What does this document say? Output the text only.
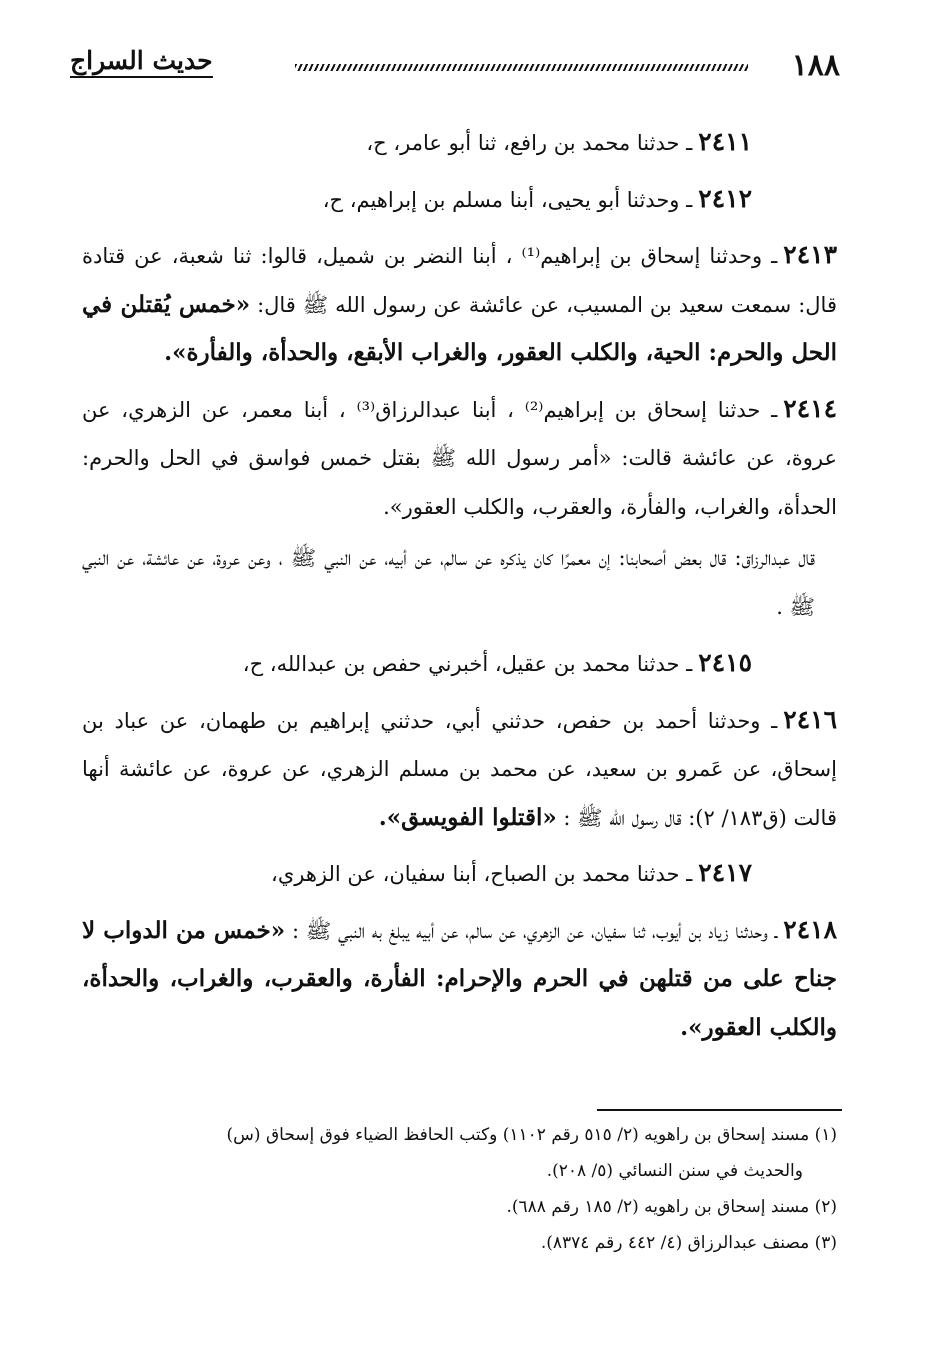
١٨٨
حديث السراج

٢٤١١ـ حدثنا محمد بن رافع، ثنا أبو عامر، ح،

٢٤١٢ـ وحدثنا أبو يحيى، أبنا مسلم بن إبراهيم، ح،

٢٤١٣ـ وحدثنا إسحاق بن إبراهيم⁽¹⁾ ، أبنا النضر بن شميل، قالوا: ثنا شعبة، عن قتادة قال: سمعت سعيد بن المسيب، عن عائشة عن رسول الله ﷺ قال: «خمس يُقتلن في الحل والحرم: الحية، والكلب العقور، والغراب الأبقع، والحدأة، والفأرة».

٢٤١٤ـ حدثنا إسحاق بن إبراهيم⁽²⁾ ، أبنا عبدالرزاق⁽³⁾ ، أبنا معمر، عن الزهري، عن عروة، عن عائشة قالت: «أمر رسول الله ﷺ بقتل خمس فواسق في الحل والحرم: الحدأة، والغراب، والفأرة، والعقرب، والكلب العقور».

قال عبدالرزاق: قال بعض أصحابنا: إن معمرًا كان يذكره عن سالم، عن أبيه، عن النبي ﷺ ، وعن عروة، عن عائشة، عن النبي ﷺ .

٢٤١٥ـ حدثنا محمد بن عقيل، أخبرني حفص بن عبدالله، ح،

٢٤١٦ـ وحدثنا أحمد بن حفص، حدثني أبي، حدثني إبراهيم بن طهمان، عن عباد بن إسحاق، عن عَمرو بن سعيد، عن محمد بن مسلم الزهري، عن عروة، عن عائشة أنها قالت (ق١٨٣/ ٢): قال رسول الله ﷺ : «اقتلوا الفويسق».

٢٤١٧ـ حدثنا محمد بن الصباح، أبنا سفيان، عن الزهري،

٢٤١٨ـ وحدثنا زياد بن أيوب، ثنا سفيان، عن الزهري، عن سالم، عن أبيه يبلغ به النبي ﷺ : «خمس من الدواب لا جناح على من قتلهن في الحرم والإحرام: الفأرة، والعقرب، والغراب، والحدأة، والكلب العقور».

(١) مسند إسحاق بن راهويه (٢/ ٥١٥ رقم ١١٠٢) وكتب الحافظ الضياء فوق إسحاق (س)

والحديث في سنن النسائي (٥/ ٢٠٨).

(٢) مسند إسحاق بن راهويه (٢/ ١٨٥ رقم ٦٨٨).

(٣) مصنف عبدالرزاق (٤/ ٤٤٢ رقم ٨٣٧٤).
